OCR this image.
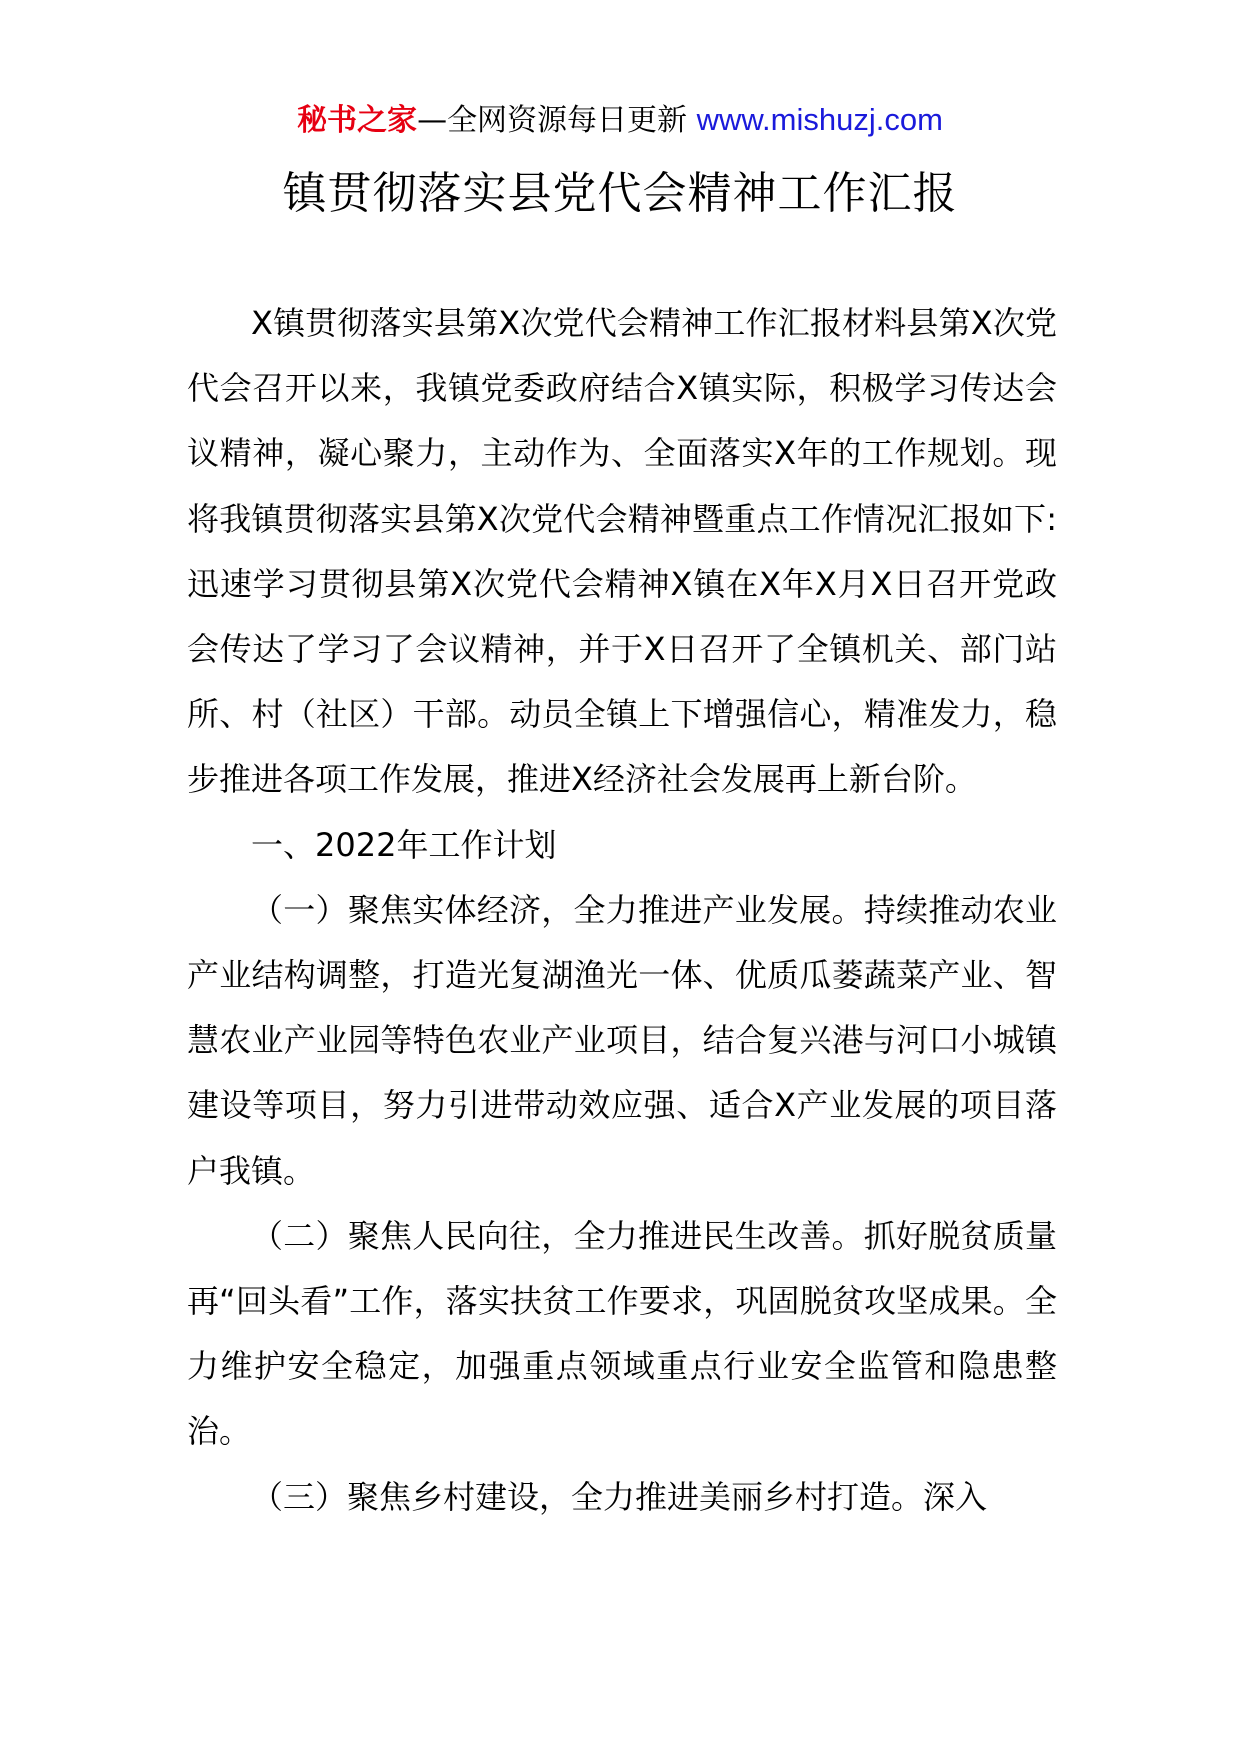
秘书之家—全网资源每日更新 www.mishuzj.com
镇贯彻落实县党代会精神工作汇报

X镇贯彻落实县第X次党代会精神工作汇报材料县第X次党代会召开以来，我镇党委政府结合X镇实际，积极学习传达会议精神，凝心聚力，主动作为、全面落实X年的工作规划。现将我镇贯彻落实县第X次党代会精神暨重点工作情况汇报如下:迅速学习贯彻县第X次党代会精神X镇在X年X月X日召开党政会传达了学习了会议精神，并于X日召开了全镇机关、部门站所、村（社区）干部。动员全镇上下增强信心，精准发力，稳步推进各项工作发展，推进X经济社会发展再上新台阶。

一、2022年工作计划

（一）聚焦实体经济，全力推进产业发展。持续推动农业产业结构调整，打造光复湖渔光一体、优质瓜蒌蔬菜产业、智慧农业产业园等特色农业产业项目，结合复兴港与河口小城镇建设等项目，努力引进带动效应强、适合X产业发展的项目落户我镇。

（二）聚焦人民向往，全力推进民生改善。抓好脱贫质量再“回头看”工作，落实扶贫工作要求，巩固脱贫攻坚成果。全力维护安全稳定，加强重点领域重点行业安全监管和隐患整治。

（三）聚焦乡村建设，全力推进美丽乡村打造。深入
